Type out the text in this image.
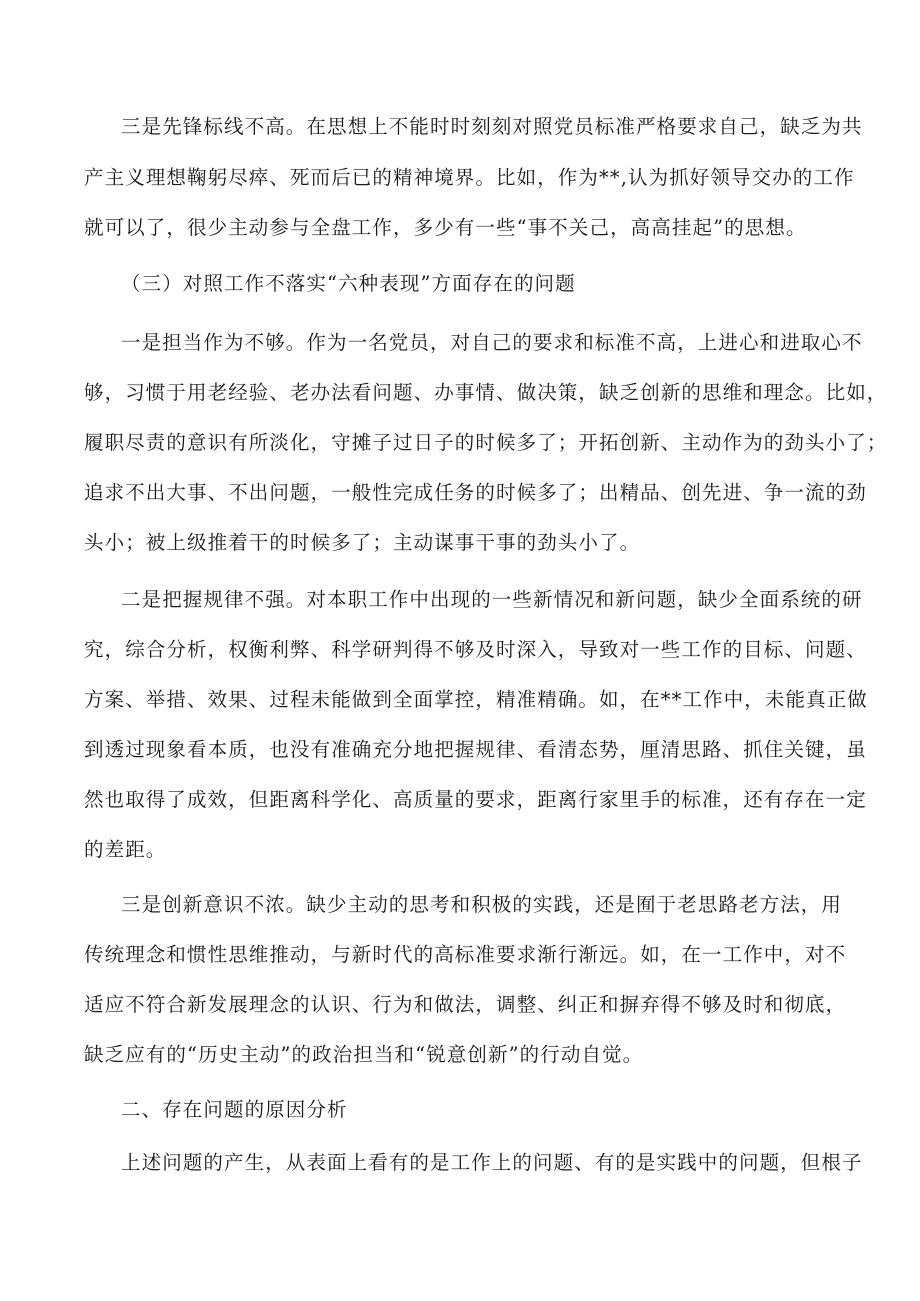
三是先锋标线不高。在思想上不能时时刻刻对照党员标准严格要求自己，缺乏为共

产主义理想鞠躬尽瘁、死而后已的精神境界。比如，作为**,认为抓好领导交办的工作

就可以了，很少主动参与全盘工作，多少有一些“事不关己，高高挂起”的思想。

（三）对照工作不落实“六种表现”方面存在的问题

一是担当作为不够。作为一名党员，对自己的要求和标准不高，上进心和进取心不

够，习惯于用老经验、老办法看问题、办事情、做决策，缺乏创新的思维和理念。比如，

履职尽责的意识有所淡化，守摊子过日子的时候多了；开拓创新、主动作为的劲头小了；

追求不出大事、不出问题，一般性完成任务的时候多了；出精品、创先进、争一流的劲

头小；被上级推着干的时候多了；主动谋事干事的劲头小了。

二是把握规律不强。对本职工作中出现的一些新情况和新问题，缺少全面系统的研

究，综合分析，权衡利弊、科学研判得不够及时深入，导致对一些工作的目标、问题、

方案、举措、效果、过程未能做到全面掌控，精准精确。如，在**工作中，未能真正做

到透过现象看本质，也没有准确充分地把握规律、看清态势，厘清思路、抓住关键，虽

然也取得了成效，但距离科学化、高质量的要求，距离行家里手的标准，还有存在一定

的差距。

三是创新意识不浓。缺少主动的思考和积极的实践，还是囿于老思路老方法，用

传统理念和惯性思维推动，与新时代的高标准要求渐行渐远。如，在一工作中，对不

适应不符合新发展理念的认识、行为和做法，调整、纠正和摒弃得不够及时和彻底，

缺乏应有的“历史主动”的政治担当和“锐意创新”的行动自觉。

二、存在问题的原因分析

上述问题的产生，从表面上看有的是工作上的问题、有的是实践中的问题，但根子
